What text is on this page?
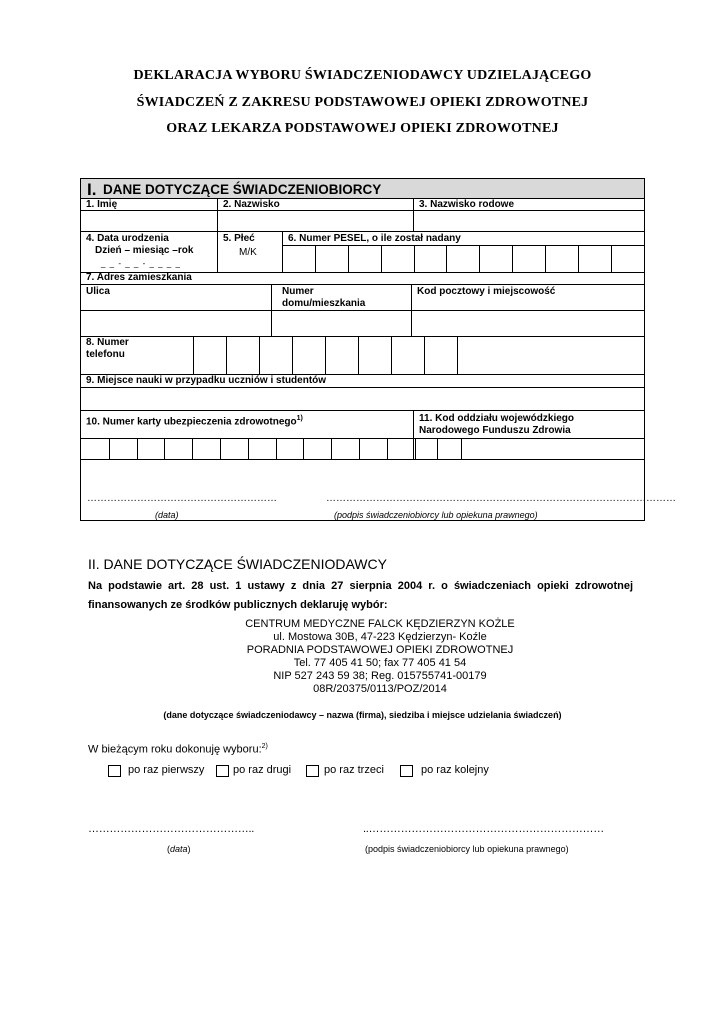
DEKLARACJA WYBORU ŚWIADCZENIODAWCY UDZIELAJĄCEGO
ŚWIADCZEŃ Z ZAKRESU PODSTAWOWEJ OPIEKI ZDROWOTNEJ
ORAZ LEKARZA PODSTAWOWEJ OPIEKI ZDROWOTNEJ
I. DANE DOTYCZĄCE ŚWIADCZENIOBIORCY
1. Imię	2. Nazwisko	3. Nazwisko rodowe
4. Data urodzenia
Dzień – miesiąc –rok
_ _ - _ _ - _ _ _ _
5. Płeć
M/K
6. Numer PESEL, o ile został nadany
7. Adres zamieszkania
Ulica	Numer
domu/mieszkania
Kod pocztowy i miejscowość
8. Numer
telefonu
9. Miejsce nauki w przypadku uczniów i studentów
10. Numer karty ubezpieczenia zdrowotnego$^{1)}$	11. Kod oddziału wojewódzkiego
Narodowego Funduszu Zdrowia
…………………………………………………	……………………………………………………………………………………………
(data)	(podpis świadczeniobiorcy lub opiekuna prawnego)
II. DANE DOTYCZĄCE ŚWIADCZENIODAWCY
Na podstawie art. 28 ust. 1 ustawy z dnia 27 sierpnia 2004 r. o świadczeniach opieki zdrowotnej
finansowanych ze środków publicznych deklaruję wybór:
CENTRUM MEDYCZNE FALCK KĘDZIERZYN KOŻLE
ul. Mostowa 30B, 47-223 Kędzierzyn- Koźle
PORADNIA PODSTAWOWEJ OPIEKI ZDROWOTNEJ
Tel. 77 405 41 50; fax 77 405 41 54
NIP 527 243 59 38; Reg. 015755741-00179
08R/20375/0113/POZ/2014
(dane dotyczące świadczeniodawcy – nazwa (firma), siedziba i miejsce udzielania świadczeń)
W bieżącym roku dokonuję wyboru:$^{2)}$
po raz pierwszy	po raz drugi	po raz trzeci	po raz kolejny
………………………………………..	..…………………………………………………………
(data)	(podpis świadczeniobiorcy lub opiekuna prawnego)
